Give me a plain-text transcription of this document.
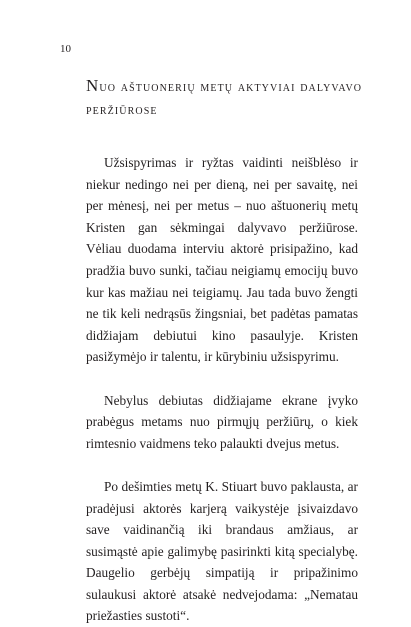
10
Nuo aštuonerių metų aktyviai dalyvavo peržiūrose

Užsispyrimas ir ryžtas vaidinti neišblėso ir niekur nedingo nei per dieną, nei per savaitę, nei per mėnesį, nei per metus – nuo aštuonerių metų Kristen gan sėkmingai dalyvavo peržiūrose. Vėliau duodama interviu aktorė prisipažino, kad pradžia buvo sunki, tačiau neigiamų emocijų buvo kur kas mažiau nei teigiamų. Jau tada buvo žengti ne tik keli nedrąsūs žingsniai, bet padėtas pamatas didžiajam debiutui kino pasaulyje. Kristen pasižymėjo ir talentu, ir kūrybiniu užsispyrimu.

Nebylus debiutas didžiajame ekrane įvyko prabėgus metams nuo pirmųjų peržiūrų, o kiek rimtesnio vaidmens teko palaukti dvejus metus.

Po dešimties metų K. Stiuart buvo paklausta, ar pradėjusi aktorės karjerą vaikystėje įsivaizdavo save vaidinančią iki brandaus amžiaus, ar susimąstė apie galimybę pasirinkti kitą specialybę. Daugelio gerbėjų simpatiją ir pripažinimo sulaukusi aktorė atsakė nedvejodama: „Nematau priežasties sustoti“.
